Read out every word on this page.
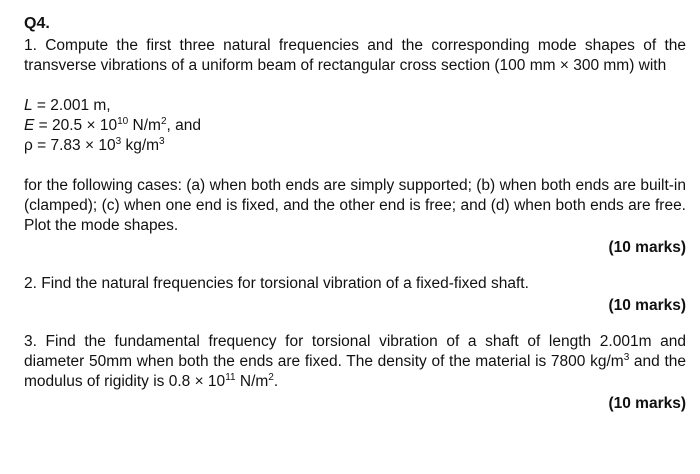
Q4.

1. Compute the first three natural frequencies and the corresponding mode shapes of the transverse vibrations of a uniform beam of rectangular cross section (100 mm × 300 mm) with

L = 2.001 m,
$E = 20.5 \times 10^{10}$ $N/m^2$, and
$\rho = 7.83 \times 10^3$ $kg/m^3$

for the following cases: (a) when both ends are simply supported; (b) when both ends are built-in (clamped); (c) when one end is fixed, and the other end is free; and (d) when both ends are free. Plot the mode shapes.

(10 marks)

2. Find the natural frequencies for torsional vibration of a fixed-fixed shaft.

(10 marks)

3. Find the fundamental frequency for torsional vibration of a shaft of length 2.001m and diameter 50mm when both the ends are fixed. The density of the material is 7800 $kg/m^3$ and the modulus of rigidity is $0.8 \times 10^{11}$ $N/m^2$.

(10 marks)
